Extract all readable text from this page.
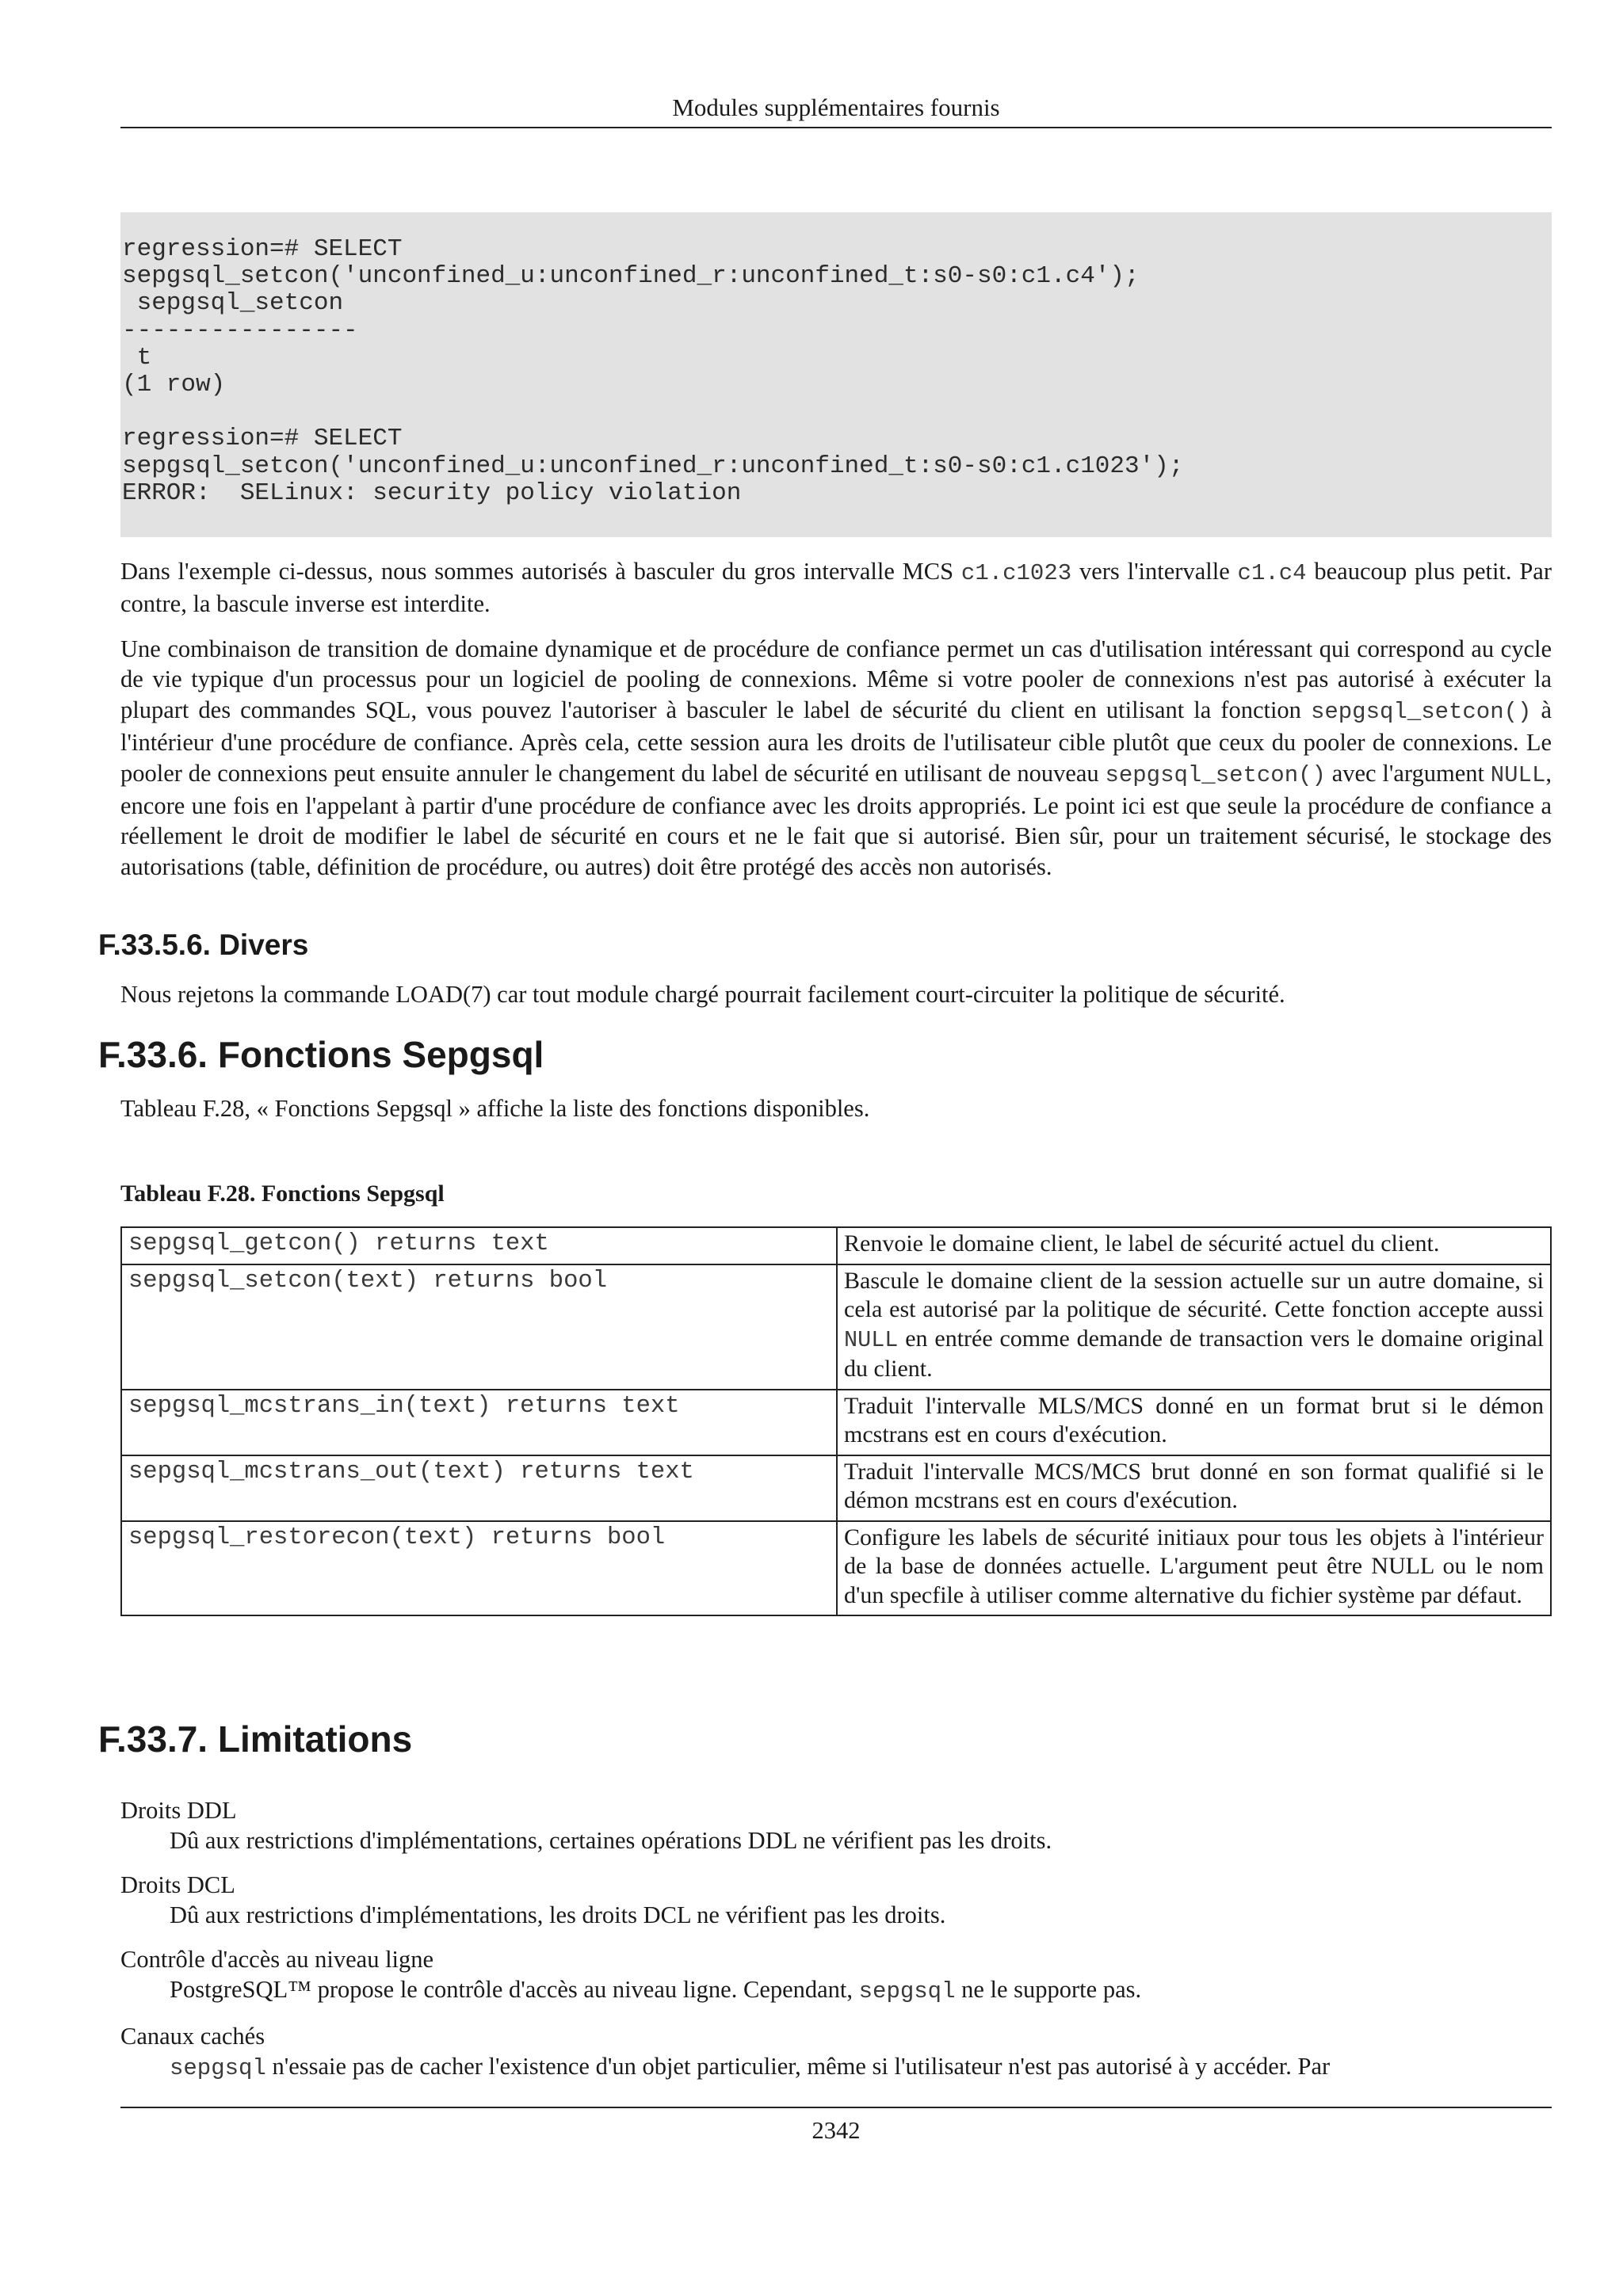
Modules supplémentaires fournis
regression=# SELECT
sepgsql_setcon('unconfined_u:unconfined_r:unconfined_t:s0-s0:c1.c4');
sepgsql_setcon
----------------
t
(1 row)

regression=# SELECT
sepgsql_setcon('unconfined_u:unconfined_r:unconfined_t:s0-s0:c1.c1023');
ERROR:  SELinux: security policy violation

Dans l'exemple ci-dessus, nous sommes autorisés à basculer du gros intervalle MCS c1.c1023 vers l'intervalle c1.c4 beaucoup plus petit. Par contre, la bascule inverse est interdite.

Une combinaison de transition de domaine dynamique et de procédure de confiance permet un cas d'utilisation intéressant qui correspond au cycle de vie typique d'un processus pour un logiciel de pooling de connexions. Même si votre pooler de connexions n'est pas autorisé à exécuter la plupart des commandes SQL, vous pouvez l'autoriser à basculer le label de sécurité du client en utilisant la fonction sepgsql_setcon() à l'intérieur d'une procédure de confiance. Après cela, cette session aura les droits de l'utilisateur cible plutôt que ceux du pooler de connexions. Le pooler de connexions peut ensuite annuler le changement du label de sécurité en utilisant de nouveau sepgsql_setcon() avec l'argument NULL, encore une fois en l'appelant à partir d'une procédure de confiance avec les droits appropriés. Le point ici est que seule la procédure de confiance a réellement le droit de modifier le label de sécurité en cours et ne le fait que si autorisé. Bien sûr, pour un traitement sécurisé, le stockage des autorisations (table, définition de procédure, ou autres) doit être protégé des accès non autorisés.

F.33.5.6. Divers

Nous rejetons la commande LOAD(7) car tout module chargé pourrait facilement court-circuiter la politique de sécurité.

F.33.6. Fonctions Sepgsql

Tableau F.28, « Fonctions Sepgsql » affiche la liste des fonctions disponibles.

Tableau F.28. Fonctions Sepgsql

sepgsql_getcon() returns text	Renvoie le domaine client, le label de sécurité actuel du client.
sepgsql_setcon(text) returns bool	Bascule le domaine client de la session actuelle sur un autre domaine, si cela est autorisé par la politique de sécurité. Cette fonction accepte aussi NULL en entrée comme demande de transaction vers le domaine original du client.
sepgsql_mcstrans_in(text) returns text	Traduit l'intervalle MLS/MCS donné en un format brut si le démon mcstrans est en cours d'exécution.
sepgsql_mcstrans_out(text) returns text	Traduit l'intervalle MCS/MCS brut donné en son format qualifié si le démon mcstrans est en cours d'exécution.
sepgsql_restorecon(text) returns bool	Configure les labels de sécurité initiaux pour tous les objets à l'intérieur de la base de données actuelle. L'argument peut être NULL ou le nom d'un specfile à utiliser comme alternative du fichier système par défaut.
F.33.7. Limitations

Droits DDL

Dû aux restrictions d'implémentations, certaines opérations DDL ne vérifient pas les droits.

Droits DCL

Dû aux restrictions d'implémentations, les droits DCL ne vérifient pas les droits.

Contrôle d'accès au niveau ligne

PostgreSQL™ propose le contrôle d'accès au niveau ligne. Cependant, sepgsql ne le supporte pas.

Canaux cachés

sepgsql n'essaie pas de cacher l'existence d'un objet particulier, même si l'utilisateur n'est pas autorisé à y accéder. Par

2342
